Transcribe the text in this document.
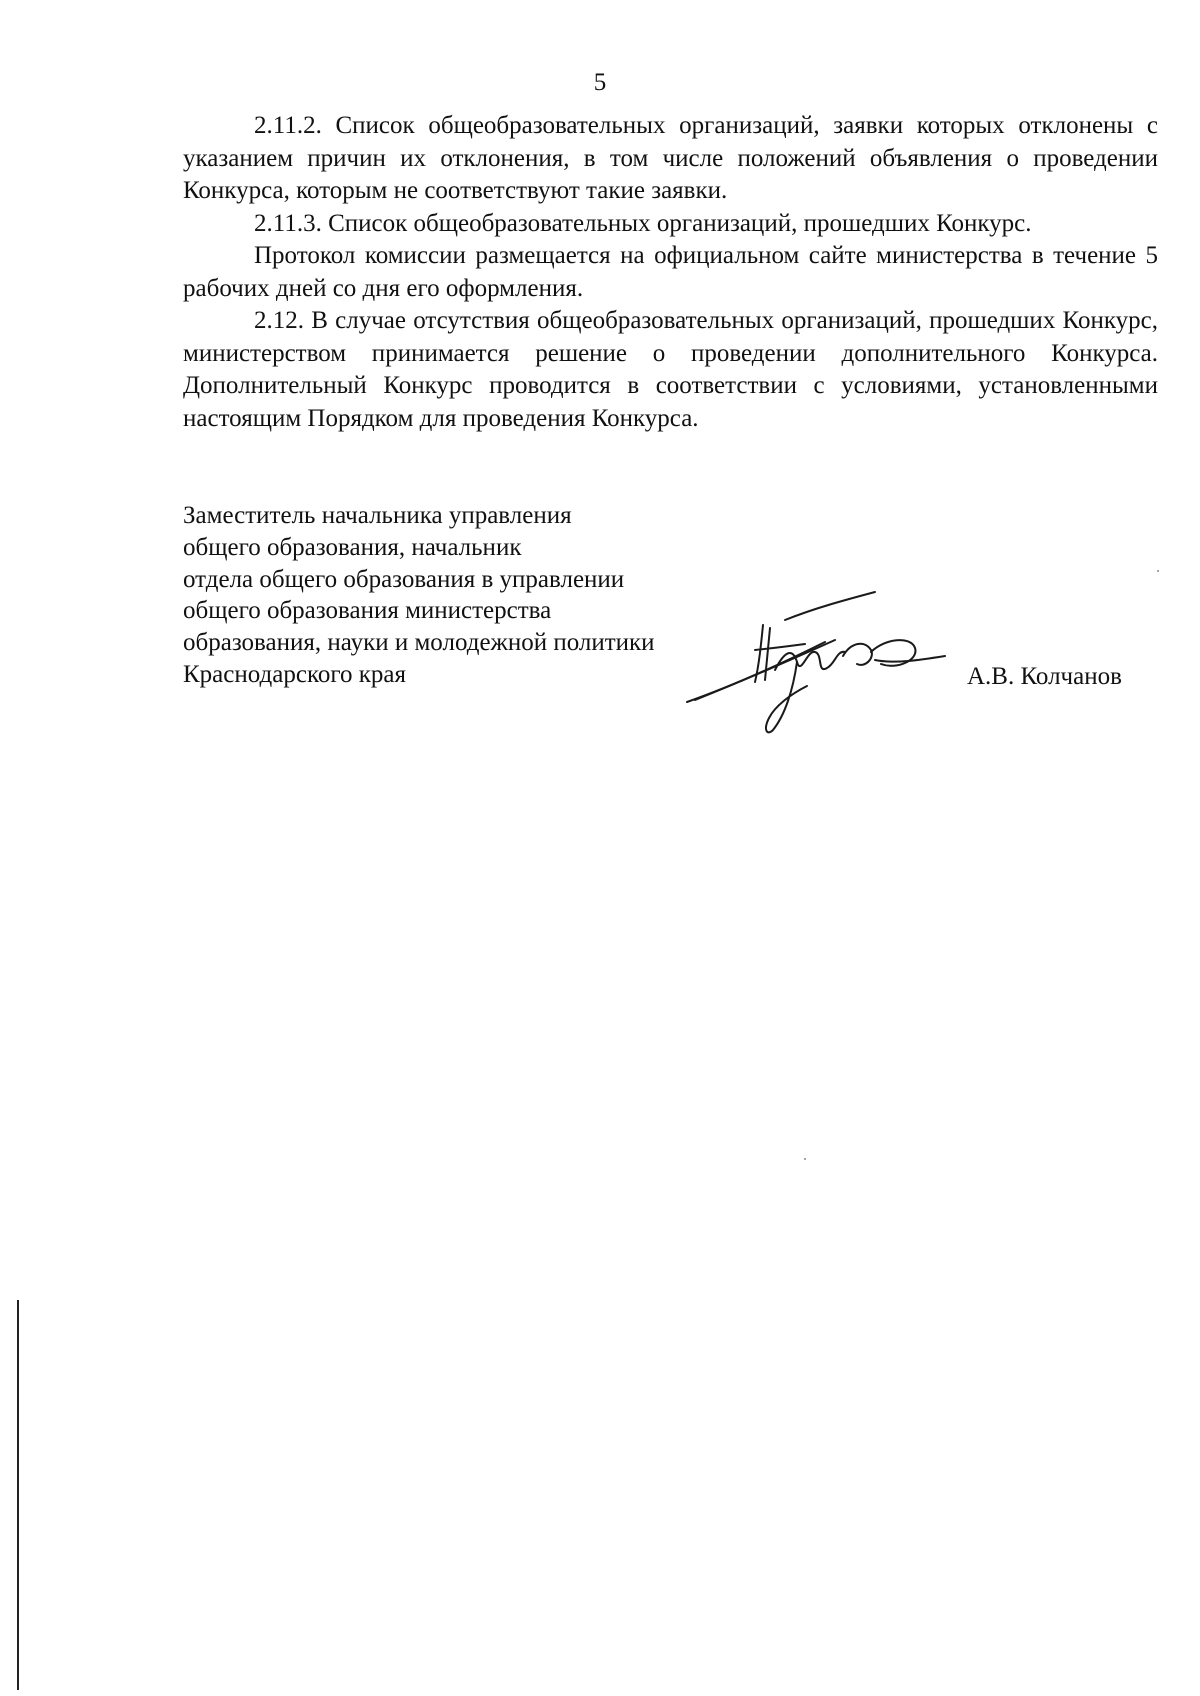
5

2.11.2. Список общеобразовательных организаций, заявки которых отклонены с указанием причин их отклонения, в том числе положений объявления о проведении Конкурса, которым не соответствуют такие заявки.

2.11.3. Список общеобразовательных организаций, прошедших Конкурс.

Протокол комиссии размещается на официальном сайте министерства в течение 5 рабочих дней со дня его оформления.

2.12. В случае отсутствия общеобразовательных организаций, прошедших Конкурс, министерством принимается решение о проведении дополнительного Конкурса. Дополнительный Конкурс проводится в соответствии с условиями, установленными настоящим Порядком для проведения Конкурса.

Заместитель начальника управления
общего образования, начальник
отдела общего образования в управлении
общего образования министерства
образования, науки и молодежной политики
Краснодарского края	А.В. Колчанов
